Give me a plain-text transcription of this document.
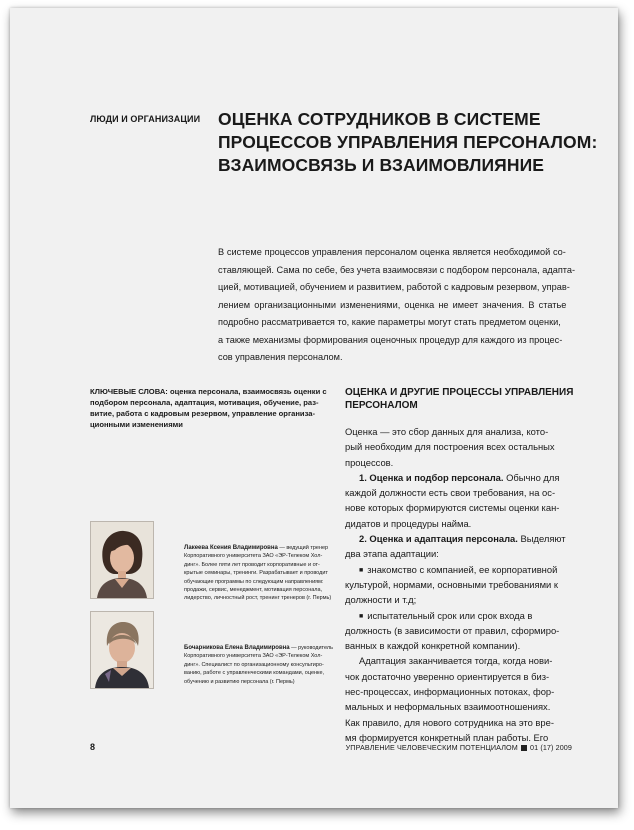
ЛЮДИ И ОРГАНИЗАЦИИ ОЦЕНКА СОТРУДНИКОВ В СИСТЕМЕ
ПРОЦЕССОВ УПРАВЛЕНИЯ ПЕРСОНАЛОМ:
ВЗАИМОСВЯЗЬ И ВЗАИМОВЛИЯНИЕ

В системе процессов управления персоналом оценка является необходимой со-
ставляющей. Сама по себе, без учета взаимосвязи с подбором персонала, адапта-
цией, мотивацией, обучением и развитием, работой с кадровым резервом, управ-
лением организационными изменениями, оценка не имеет значения. В статье
подробно рассматривается то, какие параметры могут стать предметом оценки,
а также механизмы формирования оценочных процедур для каждого из процес-
сов управления персоналом.

КЛЮЧЕВЫЕ СЛОВА: оценка персонала, взаимосвязь оценки с
подбором персонала, адаптация, мотивация, обучение, раз-
витие, работа с кадровым резервом, управление организа-
ционными изменениями

ОЦЕНКА И ДРУГИЕ ПРОЦЕССЫ УПРАВЛЕНИЯ
ПЕРСОНАЛОМ
Оценка — это сбор данных для анализа, кото-
рый необходим для построения всех остальных
процессов.
1. Оценка и подбор персонала. Обычно для
каждой должности есть свои требования, на ос-
нове которых формируются системы оценки кан-
дидатов и процедуры найма.
2. Оценка и адаптация персонала. Выделяют
два этапа адаптации:
■ знакомство с компанией, ее корпоративной
культурой, нормами, основными требованиями к
должности и т.д;
■ испытательный срок или срок входа в
должность (в зависимости от правил, сформиро-
ванных в каждой конкретной компании).
Адаптация заканчивается тогда, когда нови-
чок достаточно уверенно ориентируется в биз-
нес-процессах, информационных потоках, фор-
мальных и неформальных взаимоотношениях.
Как правило, для нового сотрудника на это вре-
мя формируется конкретный план работы. Его

Лакеева Ксения Владимировна — ведущий тренер
Корпоративного университета ЗАО «ЭР-Телеком Хол-
динг». Более пяти лет проводит корпоративные и от-
крытые семинары, тренинги. Разрабатывает и проводит
обучающие программы по следующим направлениям:
продажи, сервис, менеджмент, мотивация персонала,
лидерство, личностный рост, тренинг тренеров (г. Пермь)

Бочарникова Елена Владимировна — руководитель
Корпоративного университета ЗАО «ЭР-Телеком Хол-
динг». Специалист по организационному консультиро-
ванию, работе с управленческими командами, оценке,
обучению и развитию персонала (г. Пермь)

8	УПРАВЛЕНИЕ ЧЕЛОВЕЧЕСКИМ ПОТЕНЦИАЛОМ 01 (17) 2009
